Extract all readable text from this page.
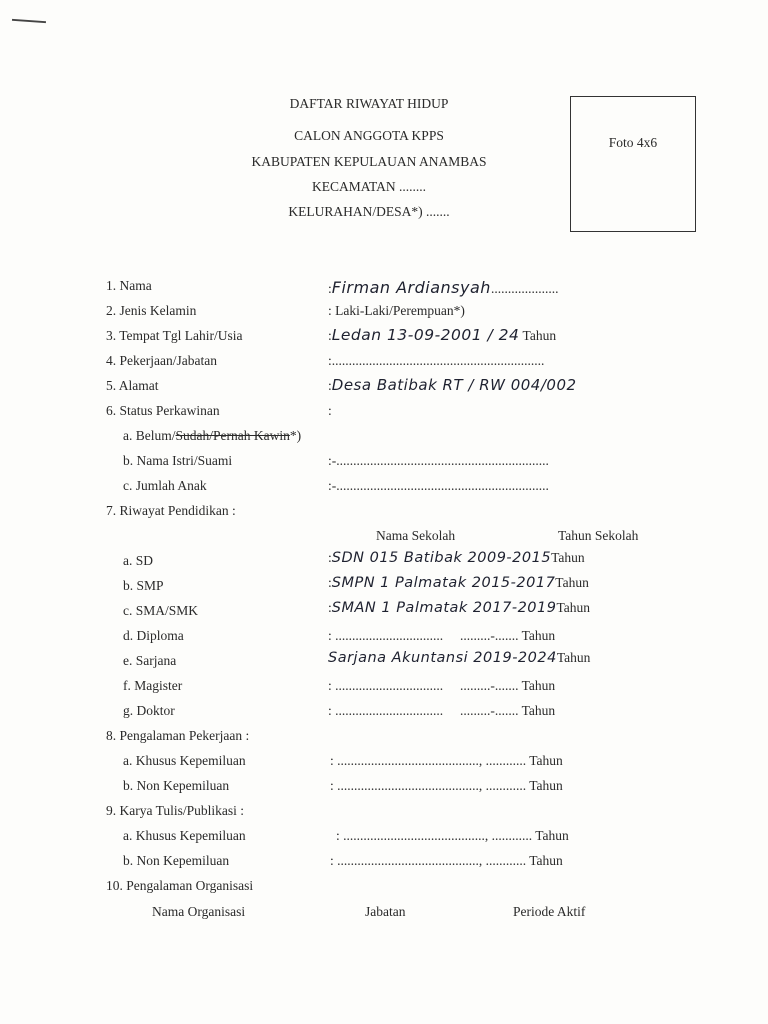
DAFTAR RIWAYAT HIDUP
CALON ANGGOTA KPPS
KABUPATEN KEPULAUAN ANAMBAS
KECAMATAN ........
KELURAHAN/DESA*) .......
Foto 4x6
1. Nama	:Firman Ardiansyah....................
2. Jenis Kelamin	: Laki-Laki/Perempuan*)
3. Tempat Tgl Lahir/Usia	:Ledan 13-09-2001 / 24 Tahun
4. Pekerjaan/Jabatan	:...............................................................
5. Alamat	:Desa Batibak RT / RW 004/002
6. Status Perkawinan	:
a. Belum/Sudah/Pernah Kawin*)
b. Nama Istri/Suami	:-...............................................................
c. Jumlah Anak	:-...............................................................
7. Riwayat Pendidikan :
Nama Sekolah	Tahun Sekolah
a. SD	:SDN 015 Batibak 2009-2015Tahun
b. SMP	:SMPN 1 Palmatak 2015-2017Tahun
c. SMA/SMK	:SMAN 1 Palmatak 2017-2019Tahun
d. Diploma	: ................................     .........-....... Tahun
e. Sarjana	Sarjana Akuntansi 2019-2024Tahun
f. Magister	: ................................     .........-....... Tahun
g. Doktor	: ................................     .........-....... Tahun
8. Pengalaman Pekerjaan :
a. Khusus Kepemiluan	: .........................................., ............ Tahun
b. Non Kepemiluan	: .........................................., ............ Tahun
9. Karya Tulis/Publikasi :
a. Khusus Kepemiluan	: .........................................., ............ Tahun
b. Non Kepemiluan	: .........................................., ............ Tahun
10. Pengalaman Organisasi
Nama Organisasi	Jabatan	Periode Aktif
